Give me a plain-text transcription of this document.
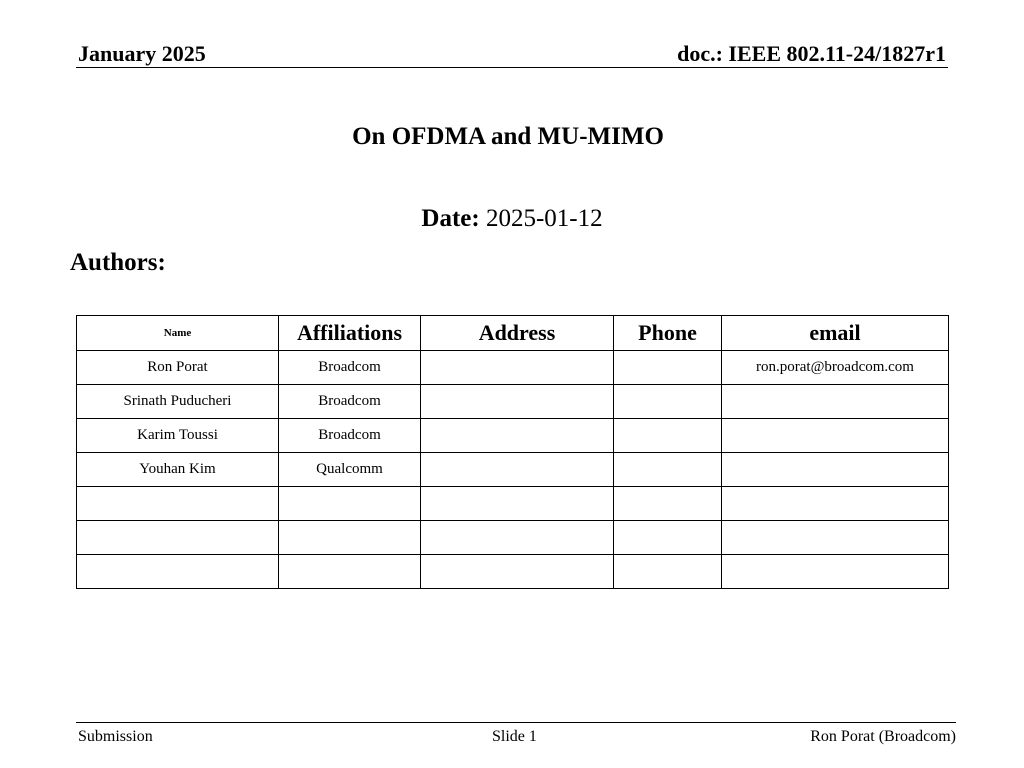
January 2025	doc.: IEEE 802.11-24/1827r1
On OFDMA and MU-MIMO
Date: 2025-01-12
Authors:
Name	Affiliations	Address	Phone	email
Ron Porat	Broadcom			ron.porat@broadcom.com
Srinath Puducheri	Broadcom			
Karim Toussi	Broadcom			
Youhan Kim	Qualcomm			

Submission	Slide 1	Ron Porat (Broadcom)
